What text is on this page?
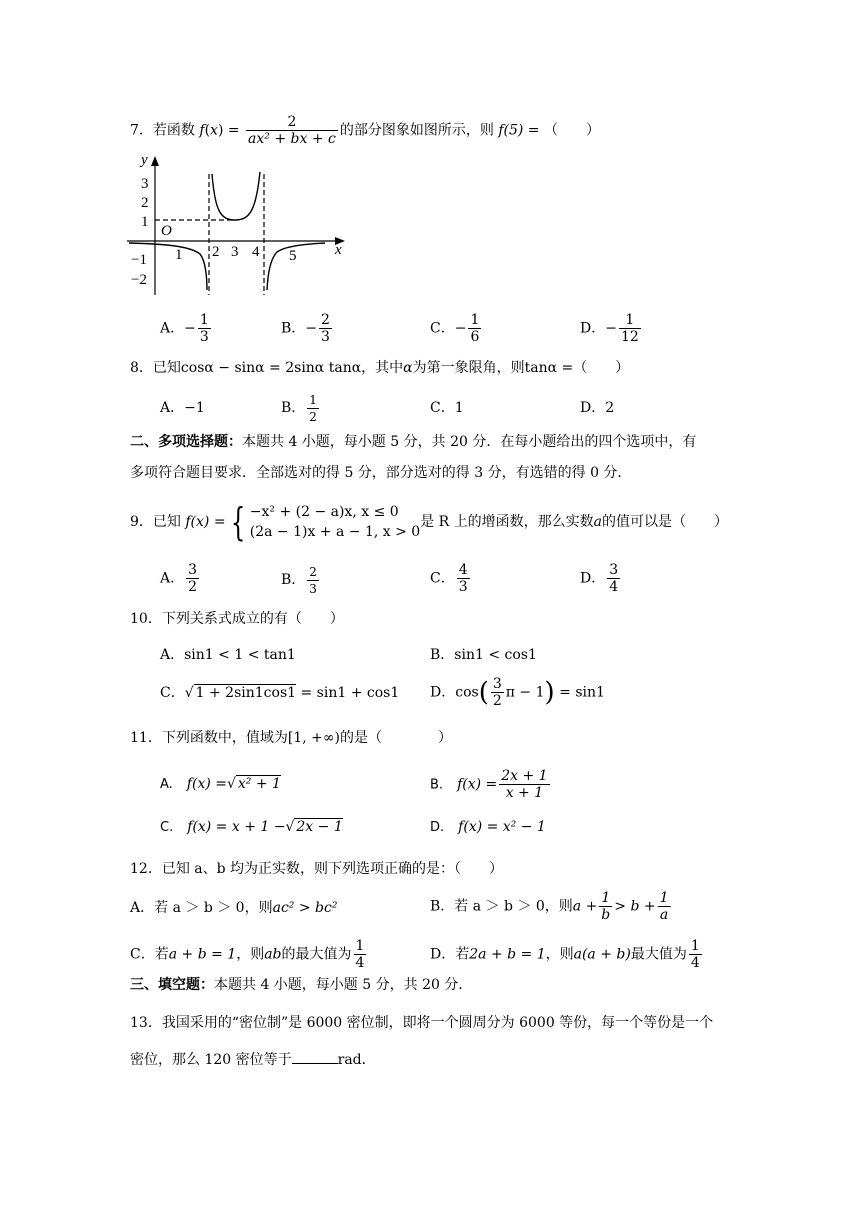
7．若函数 $f(x) = \frac{2}{\text{ax² + bx + c}}$ 的部分图象如图所示，则 f(5) = （　　）
y
x
O
3
2
1
−1
−2
1 2 3 4 5
A．− $\frac{1}{3}$	B．− $\frac{2}{3}$	C．− $\frac{1}{6}$	D．− $\frac{1}{12}$
8．已知cosα − sinα = 2sinα tanα，其中α为第一象限角，则tanα =（　　）
A．−1	B． $\frac{1}{2}$	C．1	D．2
二、多项选择题：本题共 4 小题，每小题 5 分，共 20 分．在每小题给出的四个选项中，有
多项符合题目要求．全部选对的得 5 分，部分选对的得 3 分，有选错的得 0 分．
9．已知 f(x) = { −x² + (2 − a)x, x ≤ 0
(2a − 1)x + a − 1, x > 0
是 R 上的增函数，那么实数a的值可以是（　　）
A． $\frac{3}{2}$	B． $\frac{2}{3}$	C． $\frac{4}{3}$	D． $\frac{3}{4}$
10．下列关系式成立的有（　　）
A．sin1 < 1 < tan1	B．sin1 < cos1
C．√ 1 + 2sin1cos1 = sin1 + cos1 D．$\cos( \frac{3}{2}$ π − 1) = sin1
11．下列函数中，值域为[1, +∞)的是（　　　　）
A.　 f(x) =√ x² + 1	B.　 $f(x) = \frac{2x + 1}{x + 1}$
C.　 f(x) = x + 1 −√ 2x − 1	D.　 f(x) = x² − 1
12．已知 a、b 均为正实数，则下列选项正确的是：（　　）
A．若 a ＞ b ＞ 0，则ac² > bc²	B．若 a ＞ b ＞ 0，则$a + \frac{1}{b} > b + \frac{1}{a}$
C．若a + b = 1，则ab的最大值为 $\frac{1}{4}$	D．若2a + b = 1，则a(a + b)最大值为 $\frac{1}{4}$
三、填空题：本题共 4 小题，每小题 5 分，共 20 分．
13．我国采用的“密位制”是 6000 密位制，即将一个圆周分为 6000 等份，每一个等份是一个
密位，那么 120 密位等于	rad．
